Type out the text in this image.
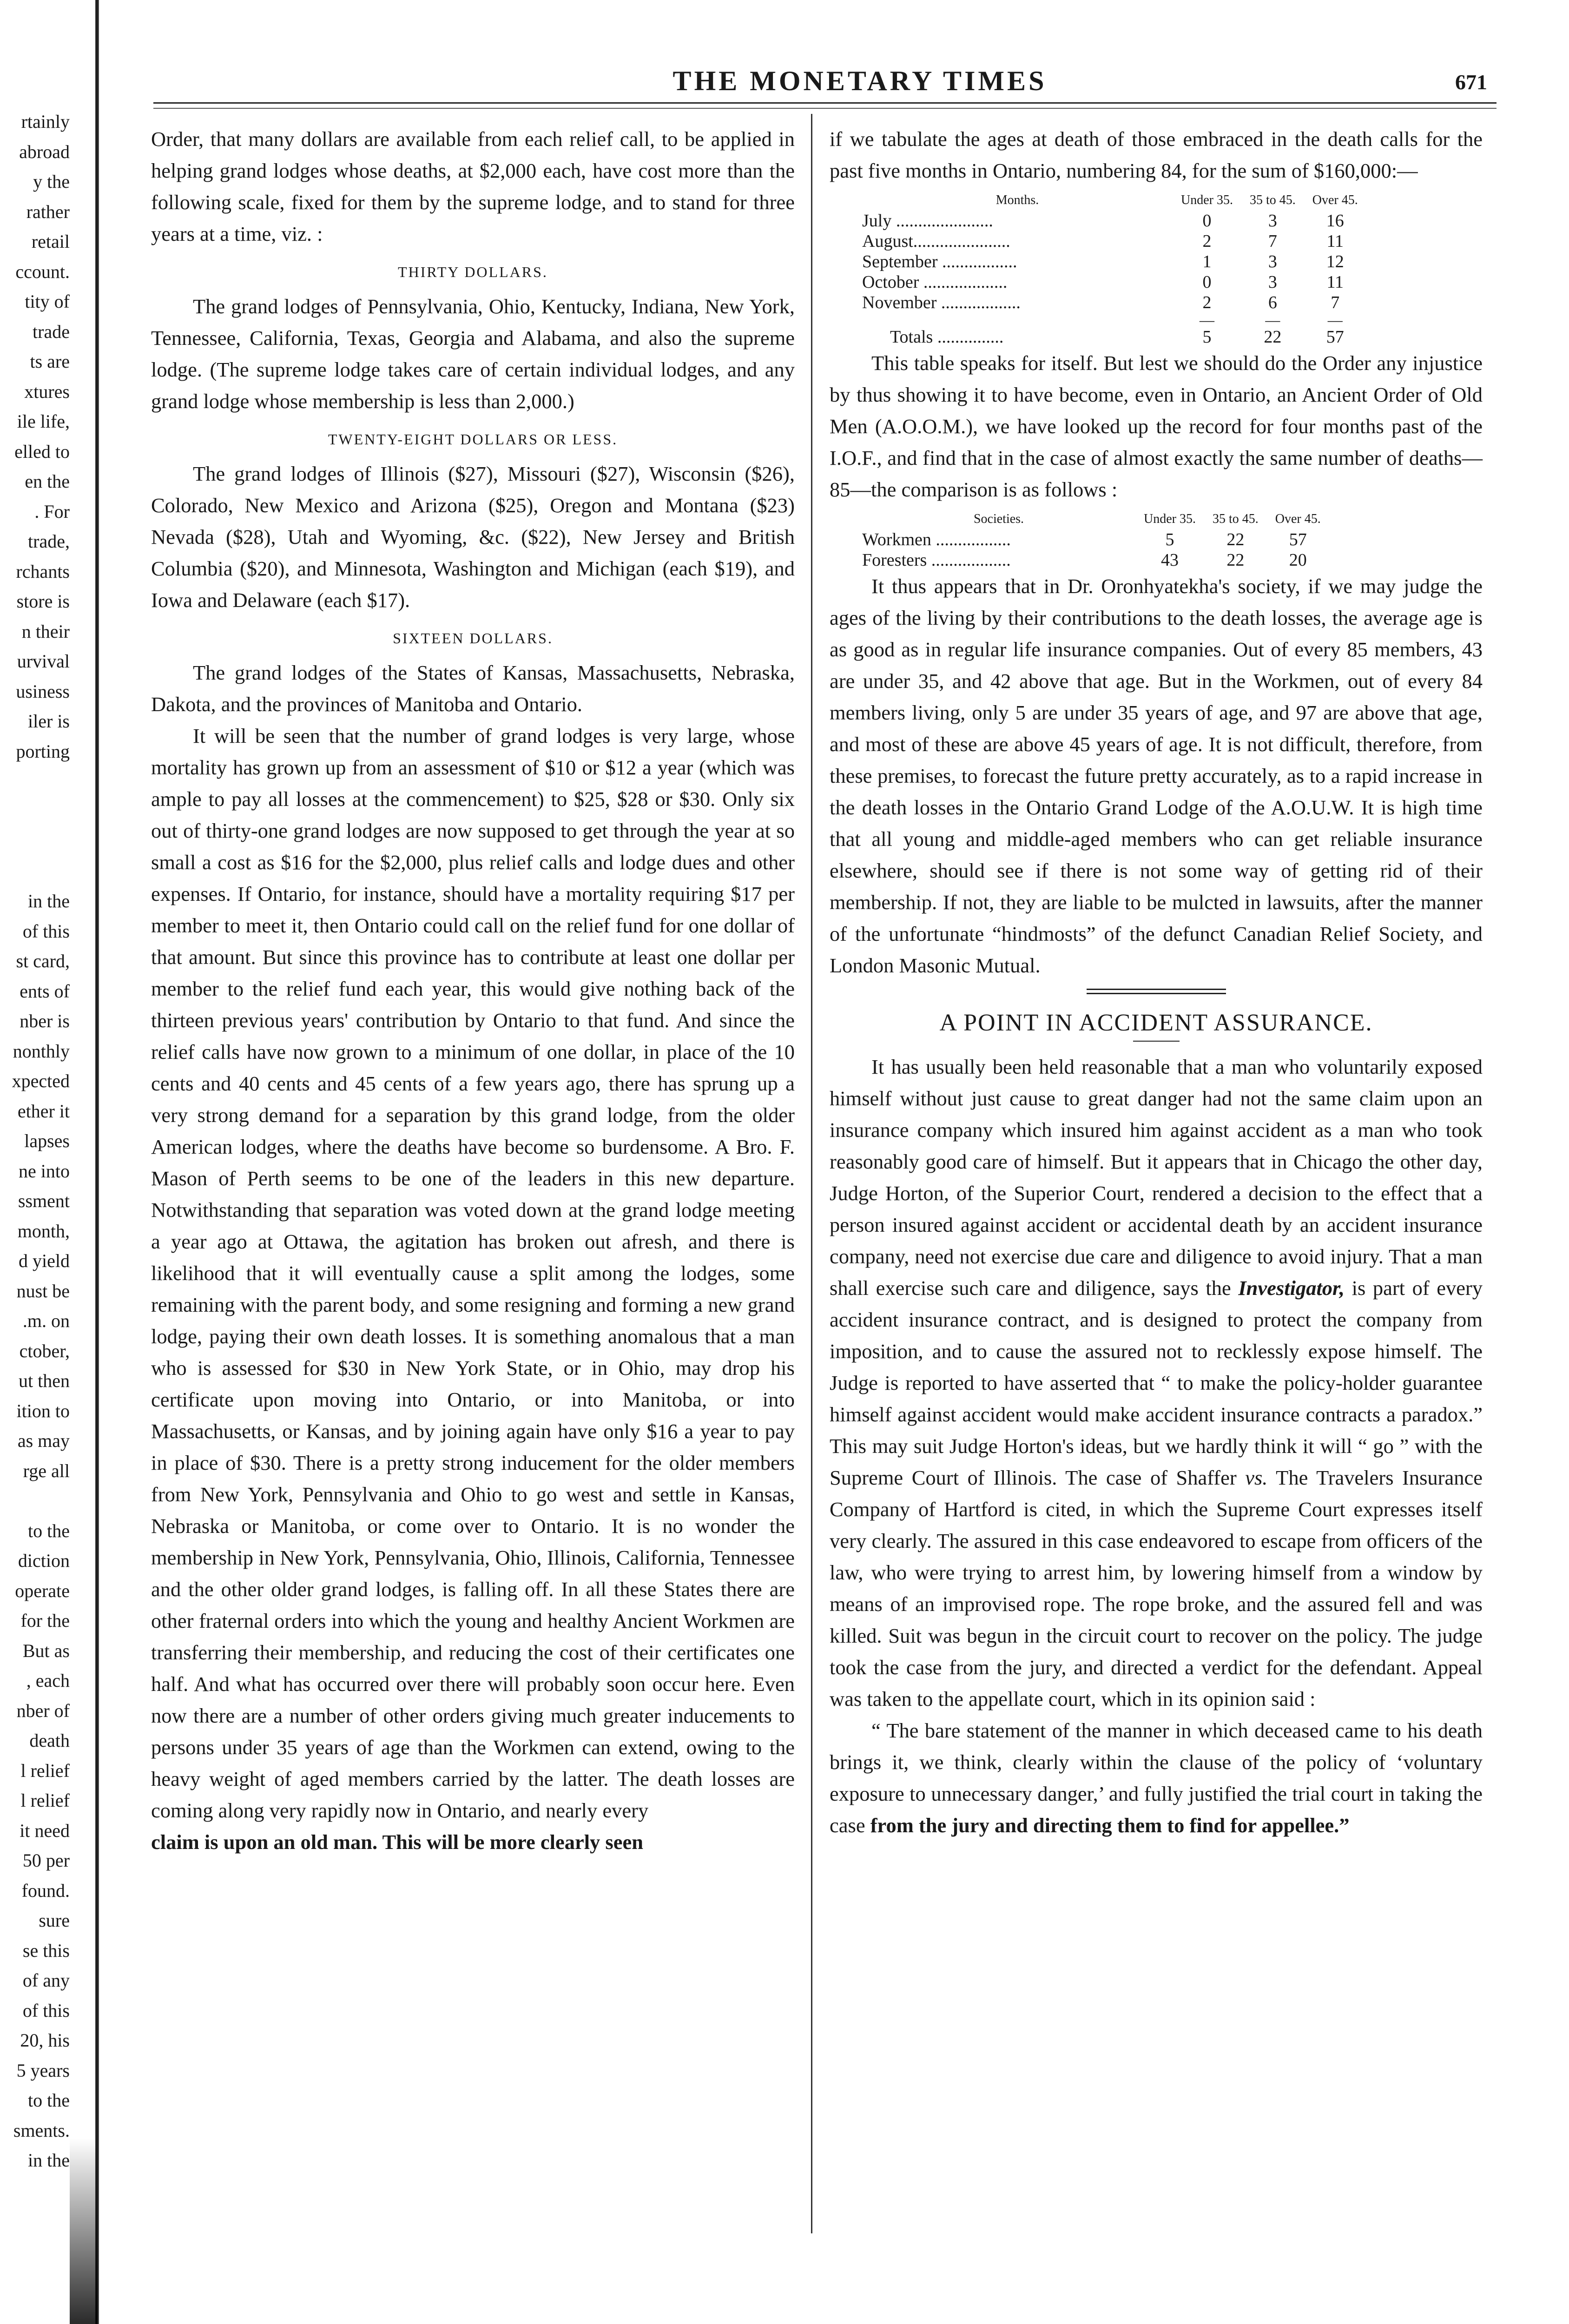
rtainly
abroad
y the
rather
retail
ccount.
tity of
trade
ts are
xtures
ile life,
elled to
en the
. For
trade,
rchants
store is
n their
urvival
usiness
iler is
porting

in the
of this
st card,
ents of
nber is
nonthly
xpected
ether it
lapses
ne into
ssment
month,
d yield
nust be
.m. on
ctober,
ut then
ition to
as may
rge all

to the
diction
operate
for the
But as
, each
nber of
death
l relief
l relief
it need
50 per
found.
sure
se this
of any
of this
20, his
5 years
to the
sments.
in the
THE MONETARY TIMES	671

Order, that many dollars are available from each relief call, to be applied in helping grand lodges whose deaths, at $2,000 each, have cost more than the following scale, fixed for them by the supreme lodge, and to stand for three years at a time, viz. :

THIRTY DOLLARS.

The grand lodges of Pennsylvania, Ohio, Kentucky, Indiana, New York, Tennessee, California, Texas, Georgia and Alabama, and also the supreme lodge. (The supreme lodge takes care of certain individual lodges, and any grand lodge whose membership is less than 2,000.)

TWENTY-EIGHT DOLLARS OR LESS.

The grand lodges of Illinois ($27), Missouri ($27), Wisconsin ($26), Colorado, New Mexico and Arizona ($25), Oregon and Montana ($23) Nevada ($28), Utah and Wyoming, &c. ($22), New Jersey and British Columbia ($20), and Minnesota, Washington and Michigan (each $19), and Iowa and Delaware (each $17).

SIXTEEN DOLLARS.

The grand lodges of the States of Kansas, Massachusetts, Nebraska, Dakota, and the provinces of Manitoba and Ontario.

It will be seen that the number of grand lodges is very large, whose mortality has grown up from an assessment of $10 or $12 a year (which was ample to pay all losses at the commencement) to $25, $28 or $30. Only six out of thirty-one grand lodges are now supposed to get through the year at so small a cost as $16 for the $2,000, plus relief calls and lodge dues and other expenses. If Ontario, for instance, should have a mortality requiring $17 per member to meet it, then Ontario could call on the relief fund for one dollar of that amount. But since this province has to contribute at least one dollar per member to the relief fund each year, this would give nothing back of the thirteen previous years' contribution by Ontario to that fund. And since the relief calls have now grown to a minimum of one dollar, in place of the 10 cents and 40 cents and 45 cents of a few years ago, there has sprung up a very strong demand for a separation by this grand lodge, from the older American lodges, where the deaths have become so burdensome. A Bro. F. Mason of Perth seems to be one of the leaders in this new departure. Notwithstanding that separation was voted down at the grand lodge meeting a year ago at Ottawa, the agitation has broken out afresh, and there is likelihood that it will eventually cause a split among the lodges, some remaining with the parent body, and some resigning and forming a new grand lodge, paying their own death losses. It is something anomalous that a man who is assessed for $30 in New York State, or in Ohio, may drop his certificate upon moving into Ontario, or into Manitoba, or into Massachusetts, or Kansas, and by joining again have only $16 a year to pay in place of $30. There is a pretty strong inducement for the older members from New York, Pennsylvania and Ohio to go west and settle in Kansas, Nebraska or Manitoba, or come over to Ontario. It is no wonder the membership in New York, Pennsylvania, Ohio, Illinois, California, Tennessee and the other older grand lodges, is falling off. In all these States there are other fraternal orders into which the young and healthy Ancient Workmen are transferring their membership, and reducing the cost of their certificates one half. And what has occurred over there will probably soon occur here. Even now there are a number of other orders giving much greater inducements to persons under 35 years of age than the Workmen can extend, owing to the heavy weight of aged members carried by the latter. The death losses are coming along very rapidly now in Ontario, and nearly every

claim is upon an old man. This will be more clearly seen

if we tabulate the ages at death of those embraced in the death calls for the past five months in Ontario, numbering 84, for the sum of $160,000:—

Months.	Under 35.	35 to 45.	Over 45.
July ......................	0	3	16
August......................	2	7	11
September .................	1	3	12
October ...................	0	3	11
November ..................	2	6	7
	—	—	—
Totals ...............	5	22	57

This table speaks for itself. But lest we should do the Order any injustice by thus showing it to have become, even in Ontario, an Ancient Order of Old Men (A.O.O.M.), we have looked up the record for four months past of the I.O.F., and find that in the case of almost exactly the same number of deaths—85—the comparison is as follows :

Societies.	Under 35.	35 to 45.	Over 45.
Workmen .................	5	22	57
Foresters ..................	43	22	20

It thus appears that in Dr. Oronhyatekha's society, if we may judge the ages of the living by their contributions to the death losses, the average age is as good as in regular life insurance companies. Out of every 85 members, 43 are under 35, and 42 above that age. But in the Workmen, out of every 84 members living, only 5 are under 35 years of age, and 97 are above that age, and most of these are above 45 years of age. It is not difficult, therefore, from these premises, to forecast the future pretty accurately, as to a rapid increase in the death losses in the Ontario Grand Lodge of the A.O.U.W. It is high time that all young and middle-aged members who can get reliable insurance elsewhere, should see if there is not some way of getting rid of their membership. If not, they are liable to be mulcted in lawsuits, after the manner of the unfortunate “hindmosts” of the defunct Canadian Relief Society, and London Masonic Mutual.

A POINT IN ACCIDENT ASSURANCE.

It has usually been held reasonable that a man who voluntarily exposed himself without just cause to great danger had not the same claim upon an insurance company which insured him against accident as a man who took reasonably good care of himself. But it appears that in Chicago the other day, Judge Horton, of the Superior Court, rendered a decision to the effect that a person insured against accident or accidental death by an accident insurance company, need not exercise due care and diligence to avoid injury. That a man shall exercise such care and diligence, says the Investigator, is part of every accident insurance contract, and is designed to protect the company from imposition, and to cause the assured not to recklessly expose himself. The Judge is reported to have asserted that “ to make the policy-holder guarantee himself against accident would make accident insurance contracts a paradox.” This may suit Judge Horton's ideas, but we hardly think it will “ go ” with the Supreme Court of Illinois. The case of Shaffer vs. The Travelers Insurance Company of Hartford is cited, in which the Supreme Court expresses itself very clearly. The assured in this case endeavored to escape from officers of the law, who were trying to arrest him, by lowering himself from a window by means of an improvised rope. The rope broke, and the assured fell and was killed. Suit was begun in the circuit court to recover on the policy. The judge took the case from the jury, and directed a verdict for the defendant. Appeal was taken to the appellate court, which in its opinion said :

“ The bare statement of the manner in which deceased came to his death brings it, we think, clearly within the clause of the policy of ‘voluntary exposure to unnecessary danger,’ and fully justified the trial court in taking the case from the jury and directing them to find for appellee.”
